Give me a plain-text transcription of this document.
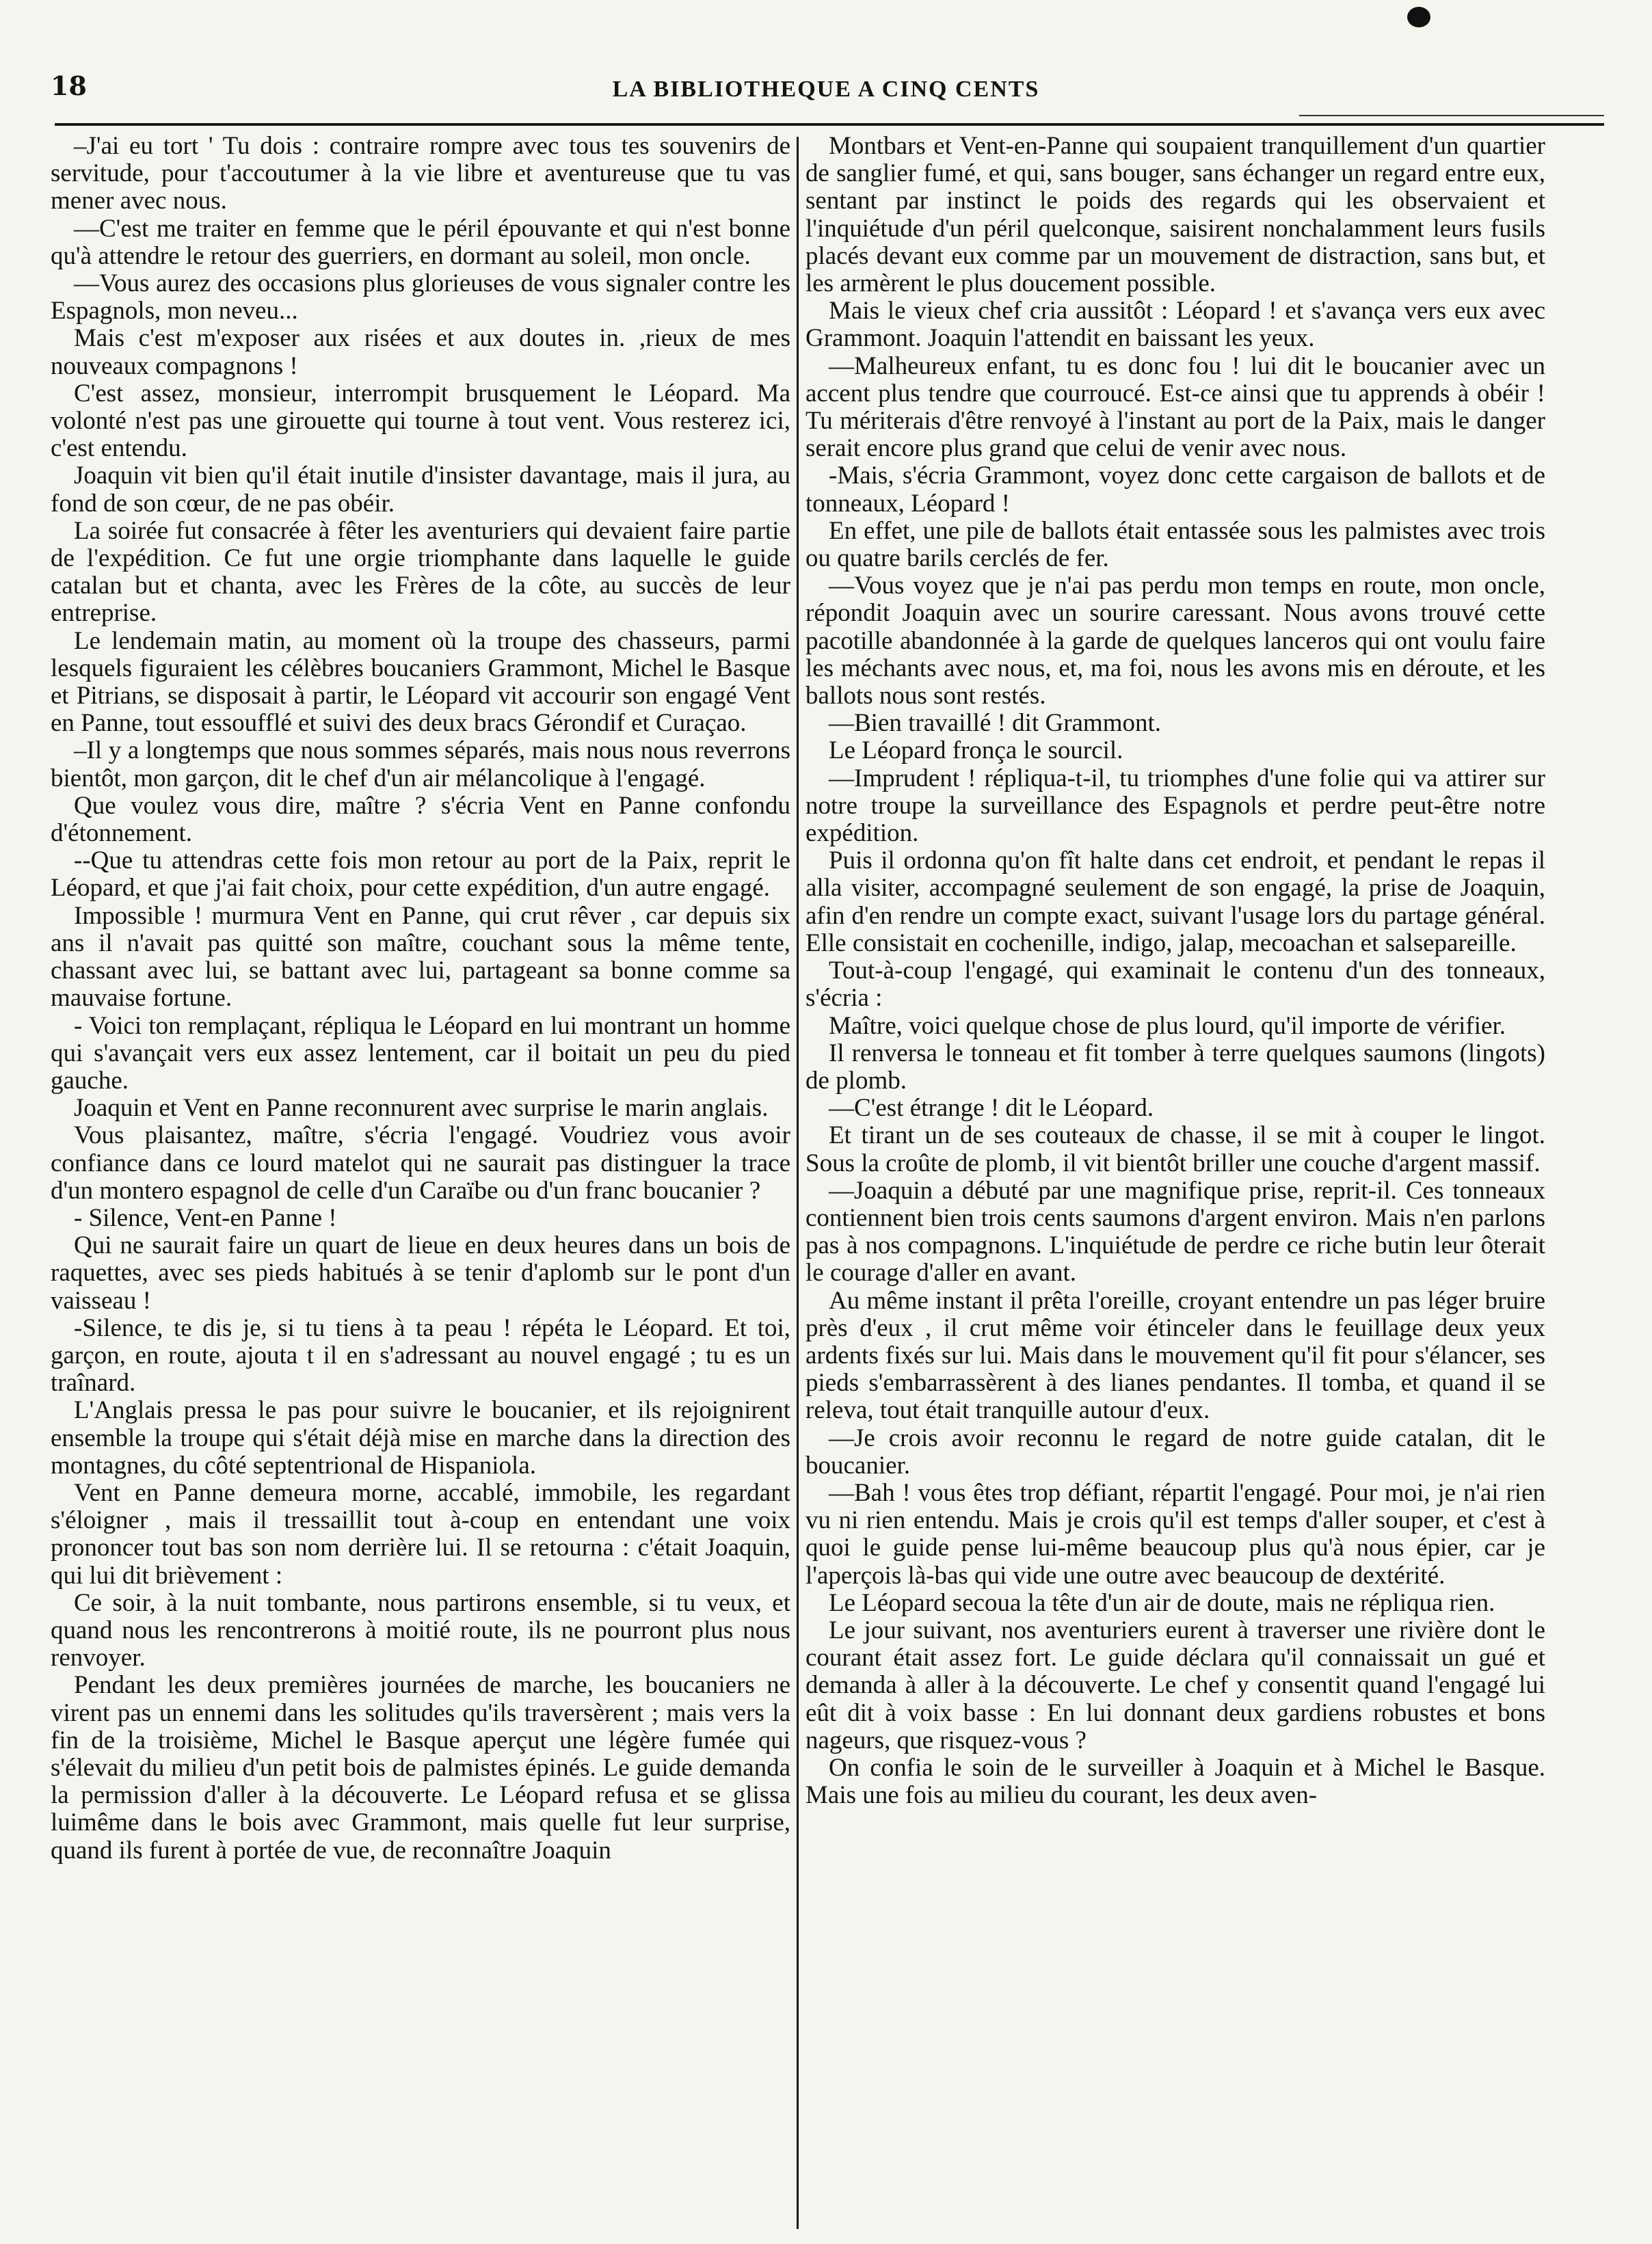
18	LA BIBLIOTHEQUE A CINQ CENTS

–J'ai eu tort ' Tu dois : contraire rompre avec tous tes souvenirs de servitude, pour t'accoutumer à la vie libre et aventureuse que tu vas mener avec nous.

—C'est me traiter en femme que le péril épouvante et qui n'est bonne qu'à attendre le retour des guerriers, en dormant au soleil, mon oncle.

—Vous aurez des occasions plus glorieuses de vous signaler contre les Espagnols, mon neveu...

Mais c'est m'exposer aux risées et aux doutes in. ,rieux de mes nouveaux compagnons !

C'est assez, monsieur, interrompit brusquement le Léopard. Ma volonté n'est pas une girouette qui tourne à tout vent. Vous resterez ici, c'est entendu.

Joaquin vit bien qu'il était inutile d'insister davantage, mais il jura, au fond de son cœur, de ne pas obéir.

La soirée fut consacrée à fêter les aventuriers qui devaient faire partie de l'expédition. Ce fut une orgie triomphante dans laquelle le guide catalan but et chanta, avec les Frères de la côte, au succès de leur entreprise.

Le lendemain matin, au moment où la troupe des chasseurs, parmi lesquels figuraient les célèbres boucaniers Grammont, Michel le Basque et Pitrians, se disposait à partir, le Léopard vit accourir son engagé Vent en Panne, tout essoufflé et suivi des deux bracs Gérondif et Curaçao.

–Il y a longtemps que nous sommes séparés, mais nous nous reverrons bientôt, mon garçon, dit le chef d'un air mélancolique à l'engagé.

Que voulez vous dire, maître ? s'écria Vent en Panne confondu d'étonnement.

--Que tu attendras cette fois mon retour au port de la Paix, reprit le Léopard, et que j'ai fait choix, pour cette expédition, d'un autre engagé.

Impossible ! murmura Vent en Panne, qui crut rêver , car depuis six ans il n'avait pas quitté son maître, couchant sous la même tente, chassant avec lui, se battant avec lui, partageant sa bonne comme sa mauvaise fortune.

- Voici ton remplaçant, répliqua le Léopard en lui montrant un homme qui s'avançait vers eux assez lentement, car il boitait un peu du pied gauche.

Joaquin et Vent en Panne reconnurent avec surprise le marin anglais.

Vous plaisantez, maître, s'écria l'engagé. Voudriez vous avoir confiance dans ce lourd matelot qui ne saurait pas distinguer la trace d'un montero espagnol de celle d'un Caraïbe ou d'un franc boucanier ?

- Silence, Vent-en Panne !

Qui ne saurait faire un quart de lieue en deux heures dans un bois de raquettes, avec ses pieds habitués à se tenir d'aplomb sur le pont d'un vaisseau !

-Silence, te dis je, si tu tiens à ta peau ! répéta le Léopard. Et toi, garçon, en route, ajouta t il en s'adressant au nouvel engagé ; tu es un traînard.

L'Anglais pressa le pas pour suivre le boucanier, et ils rejoignirent ensemble la troupe qui s'était déjà mise en marche dans la direction des montagnes, du côté septentrional de Hispaniola.

Vent en Panne demeura morne, accablé, immobile, les regardant s'éloigner , mais il tressaillit tout à-coup en entendant une voix prononcer tout bas son nom derrière lui. Il se retourna : c'était Joaquin, qui lui dit brièvement :

Ce soir, à la nuit tombante, nous partirons ensemble, si tu veux, et quand nous les rencontrerons à moitié route, ils ne pourront plus nous renvoyer.

Pendant les deux premières journées de marche, les boucaniers ne virent pas un ennemi dans les solitudes qu'ils traversèrent ; mais vers la fin de la troisième, Michel le Basque aperçut une légère fumée qui s'élevait du milieu d'un petit bois de palmistes épinés. Le guide demanda la permission d'aller à la découverte. Le Léopard refusa et se glissa luimême dans le bois avec Grammont, mais quelle fut leur surprise, quand ils furent à portée de vue, de reconnaître Joaquin

Montbars et Vent-en-Panne qui soupaient tranquillement d'un quartier de sanglier fumé, et qui, sans bouger, sans échanger un regard entre eux, sentant par instinct le poids des regards qui les observaient et l'inquiétude d'un péril quelconque, saisirent nonchalamment leurs fusils placés devant eux comme par un mouvement de distraction, sans but, et les armèrent le plus doucement possible.

Mais le vieux chef cria aussitôt : Léopard ! et s'avança vers eux avec Grammont. Joaquin l'attendit en baissant les yeux.

—Malheureux enfant, tu es donc fou ! lui dit le boucanier avec un accent plus tendre que courroucé. Est-ce ainsi que tu apprends à obéir ! Tu mériterais d'être renvoyé à l'instant au port de la Paix, mais le danger serait encore plus grand que celui de venir avec nous.

-Mais, s'écria Grammont, voyez donc cette cargaison de ballots et de tonneaux, Léopard !

En effet, une pile de ballots était entassée sous les palmistes avec trois ou quatre barils cerclés de fer.

—Vous voyez que je n'ai pas perdu mon temps en route, mon oncle, répondit Joaquin avec un sourire caressant. Nous avons trouvé cette pacotille abandonnée à la garde de quelques lanceros qui ont voulu faire les méchants avec nous, et, ma foi, nous les avons mis en déroute, et les ballots nous sont restés.

—Bien travaillé ! dit Grammont.

Le Léopard fronça le sourcil.

—Imprudent ! répliqua-t-il, tu triomphes d'une folie qui va attirer sur notre troupe la surveillance des Espagnols et perdre peut-être notre expédition.

Puis il ordonna qu'on fît halte dans cet endroit, et pendant le repas il alla visiter, accompagné seulement de son engagé, la prise de Joaquin, afin d'en rendre un compte exact, suivant l'usage lors du partage général. Elle consistait en cochenille, indigo, jalap, mecoachan et salsepareille.

Tout-à-coup l'engagé, qui examinait le contenu d'un des tonneaux, s'écria :

Maître, voici quelque chose de plus lourd, qu'il importe de vérifier.

Il renversa le tonneau et fit tomber à terre quelques saumons (lingots) de plomb.

—C'est étrange ! dit le Léopard.

Et tirant un de ses couteaux de chasse, il se mit à couper le lingot. Sous la croûte de plomb, il vit bientôt briller une couche d'argent massif.

—Joaquin a débuté par une magnifique prise, reprit-il. Ces tonneaux contiennent bien trois cents saumons d'argent environ. Mais n'en parlons pas à nos compagnons. L'inquiétude de perdre ce riche butin leur ôterait le courage d'aller en avant.

Au même instant il prêta l'oreille, croyant entendre un pas léger bruire près d'eux , il crut même voir étinceler dans le feuillage deux yeux ardents fixés sur lui. Mais dans le mouvement qu'il fit pour s'élancer, ses pieds s'embarrassèrent à des lianes pendantes. Il tomba, et quand il se releva, tout était tranquille autour d'eux.

—Je crois avoir reconnu le regard de notre guide catalan, dit le boucanier.

—Bah ! vous êtes trop défiant, répartit l'engagé. Pour moi, je n'ai rien vu ni rien entendu. Mais je crois qu'il est temps d'aller souper, et c'est à quoi le guide pense lui-même beaucoup plus qu'à nous épier, car je l'aperçois là-bas qui vide une outre avec beaucoup de dextérité.

Le Léopard secoua la tête d'un air de doute, mais ne répliqua rien.

Le jour suivant, nos aventuriers eurent à traverser une rivière dont le courant était assez fort. Le guide déclara qu'il connaissait un gué et demanda à aller à la découverte. Le chef y consentit quand l'engagé lui eût dit à voix basse : En lui donnant deux gardiens robustes et bons nageurs, que risquez-vous ?

On confia le soin de le surveiller à Joaquin et à Michel le Basque. Mais une fois au milieu du courant, les deux aven-
